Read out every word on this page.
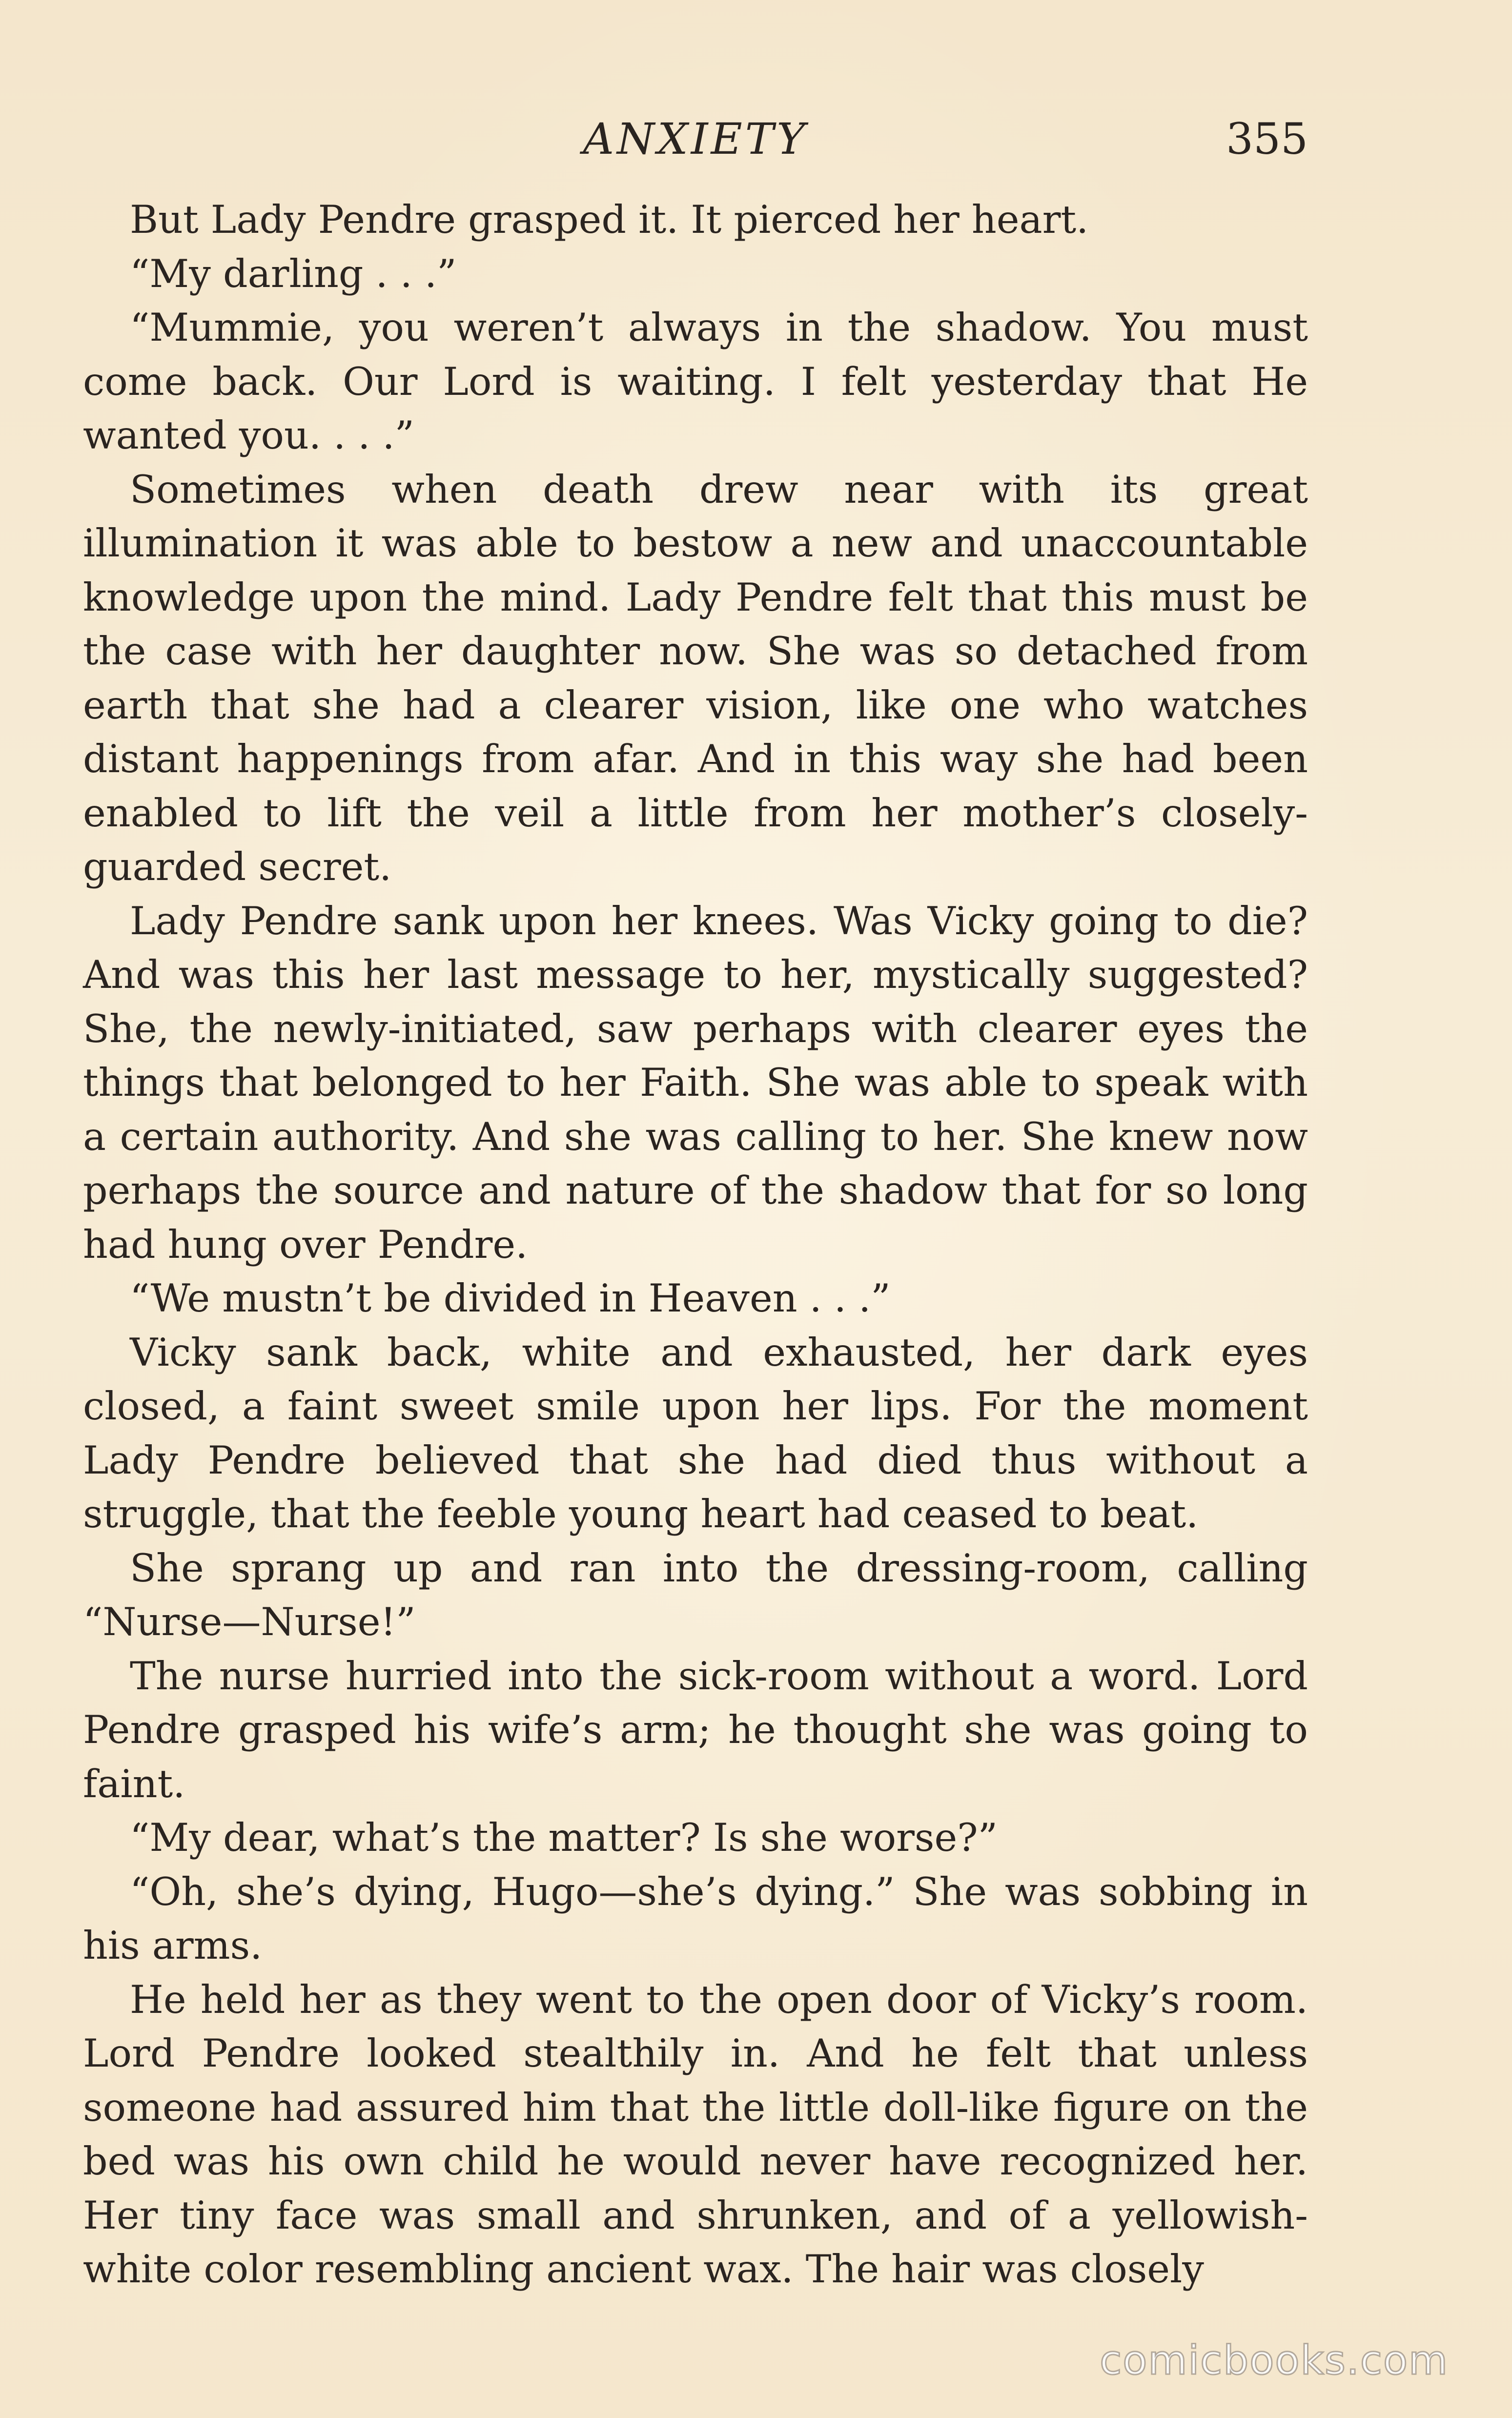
ANXIETY	355

But Lady Pendre grasped it. It pierced her heart.

“My darling . . .”

“Mummie, you weren’t always in the shadow. You must come back. Our Lord is waiting. I felt yesterday that He wanted you. . . .”

Sometimes when death drew near with its great illumination it was able to bestow a new and unaccountable knowledge upon the mind. Lady Pendre felt that this must be the case with her daughter now. She was so detached from earth that she had a clearer vision, like one who watches distant happenings from afar. And in this way she had been enabled to lift the veil a little from her mother’s closely-guarded secret.

Lady Pendre sank upon her knees. Was Vicky going to die? And was this her last message to her, mystically suggested? She, the newly-initiated, saw perhaps with clearer eyes the things that belonged to her Faith. She was able to speak with a certain authority. And she was calling to her. She knew now perhaps the source and nature of the shadow that for so long had hung over Pendre.

“We mustn’t be divided in Heaven . . .”

Vicky sank back, white and exhausted, her dark eyes closed, a faint sweet smile upon her lips. For the moment Lady Pendre believed that she had died thus without a struggle, that the feeble young heart had ceased to beat.

She sprang up and ran into the dressing-room, calling “Nurse—Nurse!”

The nurse hurried into the sick-room without a word. Lord Pendre grasped his wife’s arm; he thought she was going to faint.

“My dear, what’s the matter? Is she worse?”

“Oh, she’s dying, Hugo—she’s dying.” She was sobbing in his arms.

He held her as they went to the open door of Vicky’s room. Lord Pendre looked stealthily in. And he felt that unless someone had assured him that the little doll-like figure on the bed was his own child he would never have recognized her. Her tiny face was small and shrunken, and of a yellowish-white color resembling ancient wax. The hair was closely

comicbooks.com
